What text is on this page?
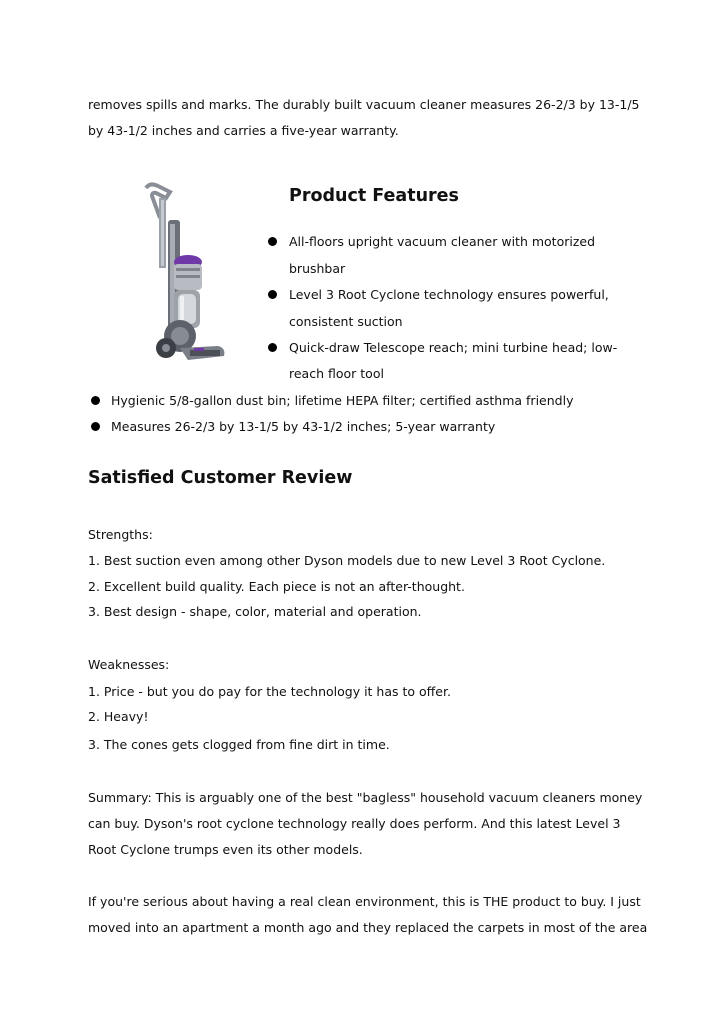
removes spills and marks. The durably built vacuum cleaner measures 26-2/3 by 13-1/5
by 43-1/2 inches and carries a five-year warranty.
Product Features
All-floors upright vacuum cleaner with motorized
brushbar
Level 3 Root Cyclone technology ensures powerful,
consistent suction
Quick-draw Telescope reach; mini turbine head; low-
reach floor tool
Hygienic 5/8-gallon dust bin; lifetime HEPA filter; certified asthma friendly
Measures 26-2/3 by 13-1/5 by 43-1/2 inches; 5-year warranty
Satisfied Customer Review
Strengths:
1. Best suction even among other Dyson models due to new Level 3 Root Cyclone.
2. Excellent build quality. Each piece is not an after-thought.
3. Best design - shape, color, material and operation.
Weaknesses:
1. Price - but you do pay for the technology it has to offer.
2. Heavy!
3. The cones gets clogged from fine dirt in time.
Summary: This is arguably one of the best "bagless" household vacuum cleaners money
can buy. Dyson's root cyclone technology really does perform. And this latest Level 3
Root Cyclone trumps even its other models.
If you're serious about having a real clean environment, this is THE product to buy. I just
moved into an apartment a month ago and they replaced the carpets in most of the area
